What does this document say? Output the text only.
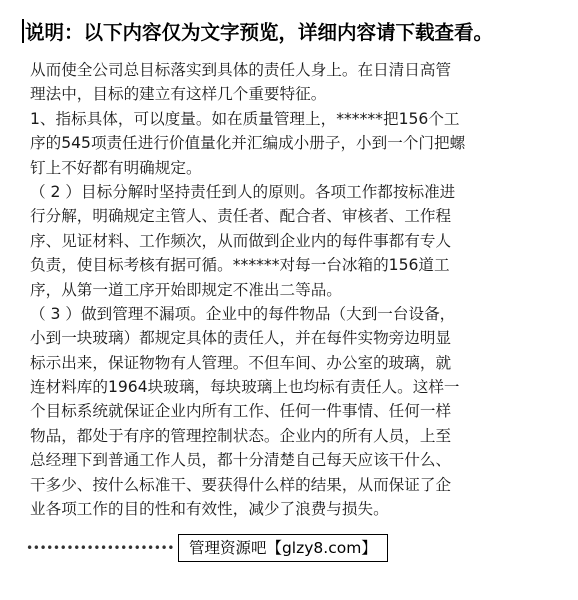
说明：以下内容仅为文字预览，详细内容请下载查看。
从而使全公司总目标落实到具体的责任人身上。在日清日高管
理法中，目标的建立有这样几个重要特征。
1、指标具体，可以度量。如在质量管理上，******把156个工
序的545项责任进行价值量化并汇编成小册子，小到一个门把螺
钉上不好都有明确规定。
（ 2 ）目标分解时坚持责任到人的原则。各项工作都按标准进
行分解，明确规定主管人、责任者、配合者、审核者、工作程
序、见证材料、工作频次，从而做到企业内的每件事都有专人
负责，使目标考核有据可循。******对每一台冰箱的156道工
序，从第一道工序开始即规定不准出二等品。
（ 3 ）做到管理不漏项。企业中的每件物品（大到一台设备，
小到一块玻璃）都规定具体的责任人，并在每件实物旁边明显
标示出来，保证物物有人管理。不但车间、办公室的玻璃，就
连材料库的1964块玻璃，每块玻璃上也均标有责任人。这样一
个目标系统就保证企业内所有工作、任何一件事情、任何一样
物品，都处于有序的管理控制状态。企业内的所有人员，上至
总经理下到普通工作人员，都十分清楚自己每天应该干什么、
干多少、按什么标准干、要获得什么样的结果，从而保证了企
业各项工作的目的性和有效性，减少了浪费与损失。
•••••••••••••••••••••• 管理资源吧【glzy8.com】
